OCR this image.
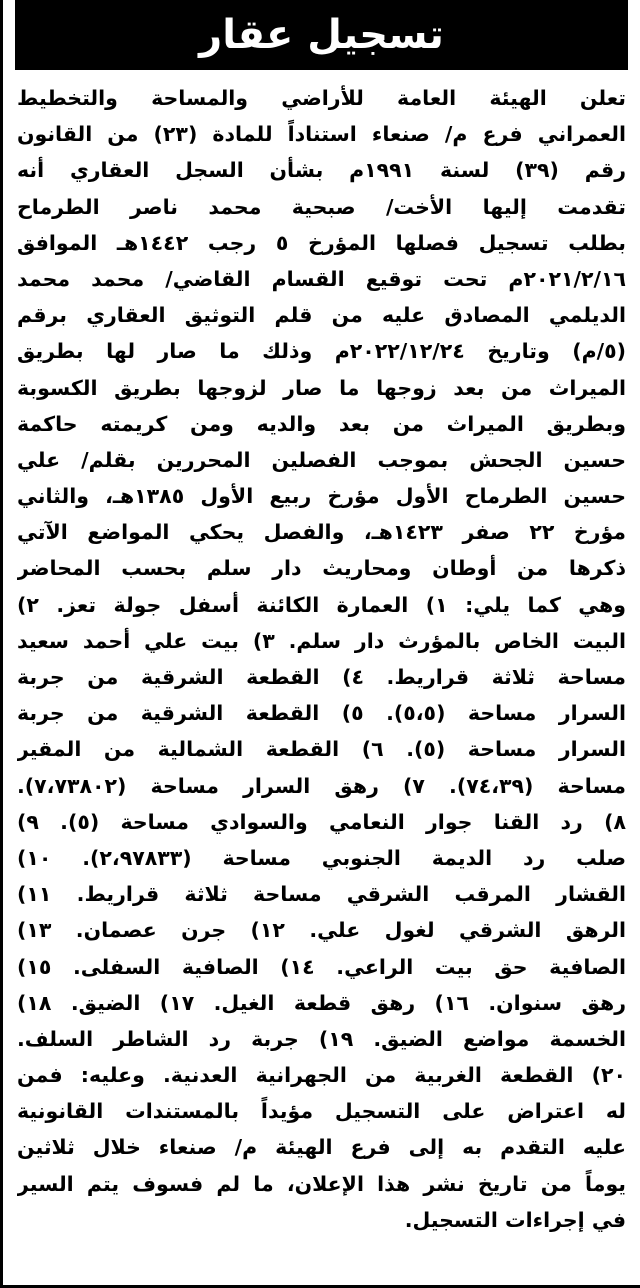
تسجيل عقار
تعلن الهيئة العامة للأراضي والمساحة والتخطيط
العمراني فرع م/ صنعاء استناداً للمادة (٢٣) من القانون
رقم (٣٩) لسنة ١٩٩١م بشأن السجل العقاري أنه
تقدمت إليها الأخت/ صبحية محمد ناصر الطرماح
بطلب تسجيل فصلها المؤرخ ٥ رجب ١٤٤٢هـ الموافق
٢٠٢١/٢/١٦م تحت توقيع القسام القاضي/ محمد محمد
الديلمي المصادق عليه من قلم التوثيق العقاري برقم
(٥/م) وتاريخ ٢٠٢٢/١٢/٢٤م وذلك ما صار لها بطريق
الميراث من بعد زوجها ما صار لزوجها بطريق الكسوبة
وبطريق الميراث من بعد والديه ومن كريمته حاكمة
حسين الجحش بموجب الفصلين المحررين بقلم/ علي
حسين الطرماح الأول مؤرخ ربيع الأول ١٣٨٥هـ، والثاني
مؤرخ ٢٢ صفر ١٤٢٣هـ، والفصل يحكي المواضع الآتي
ذكرها من أوطان ومحاريث دار سلم بحسب المحاضر
وهي كما يلي: ١) العمارة الكائنة أسفل جولة تعز. ٢)
البيت الخاص بالمؤرث دار سلم. ٣) بيت علي أحمد سعيد
مساحة ثلاثة قراريط. ٤) القطعة الشرقية من جربة
السرار مساحة (٥،٥). ٥) القطعة الشرقية من جربة
السرار مساحة (٥). ٦) القطعة الشمالية من المقير
مساحة (٧٤،٣٩). ٧) رهق السرار مساحة (٧،٧٣٨٠٢).
٨) رد القنا جوار النعامي والسوادي مساحة (٥). ٩)
صلب رد الديمة الجنوبي مساحة (٢،٩٧٨٣٣). ١٠)
القشار المرقب الشرقي مساحة ثلاثة قراريط. ١١)
الرهق الشرقي لغول علي. ١٢) جرن عصمان. ١٣)
الصافية حق بيت الراعي. ١٤) الصافية السفلى. ١٥)
رهق سنوان. ١٦) رهق قطعة الغيل. ١٧) الضيق. ١٨)
الخسمة مواضع الضيق. ١٩) جربة رد الشاطر السلف.
٢٠) القطعة الغربية من الجهرانية العدنية. وعليه: فمن
له اعتراض على التسجيل مؤيداً بالمستندات القانونية
عليه التقدم به إلى فرع الهيئة م/ صنعاء خلال ثلاثين
يوماً من تاريخ نشر هذا الإعلان، ما لم فسوف يتم السير
في إجراءات التسجيل.
